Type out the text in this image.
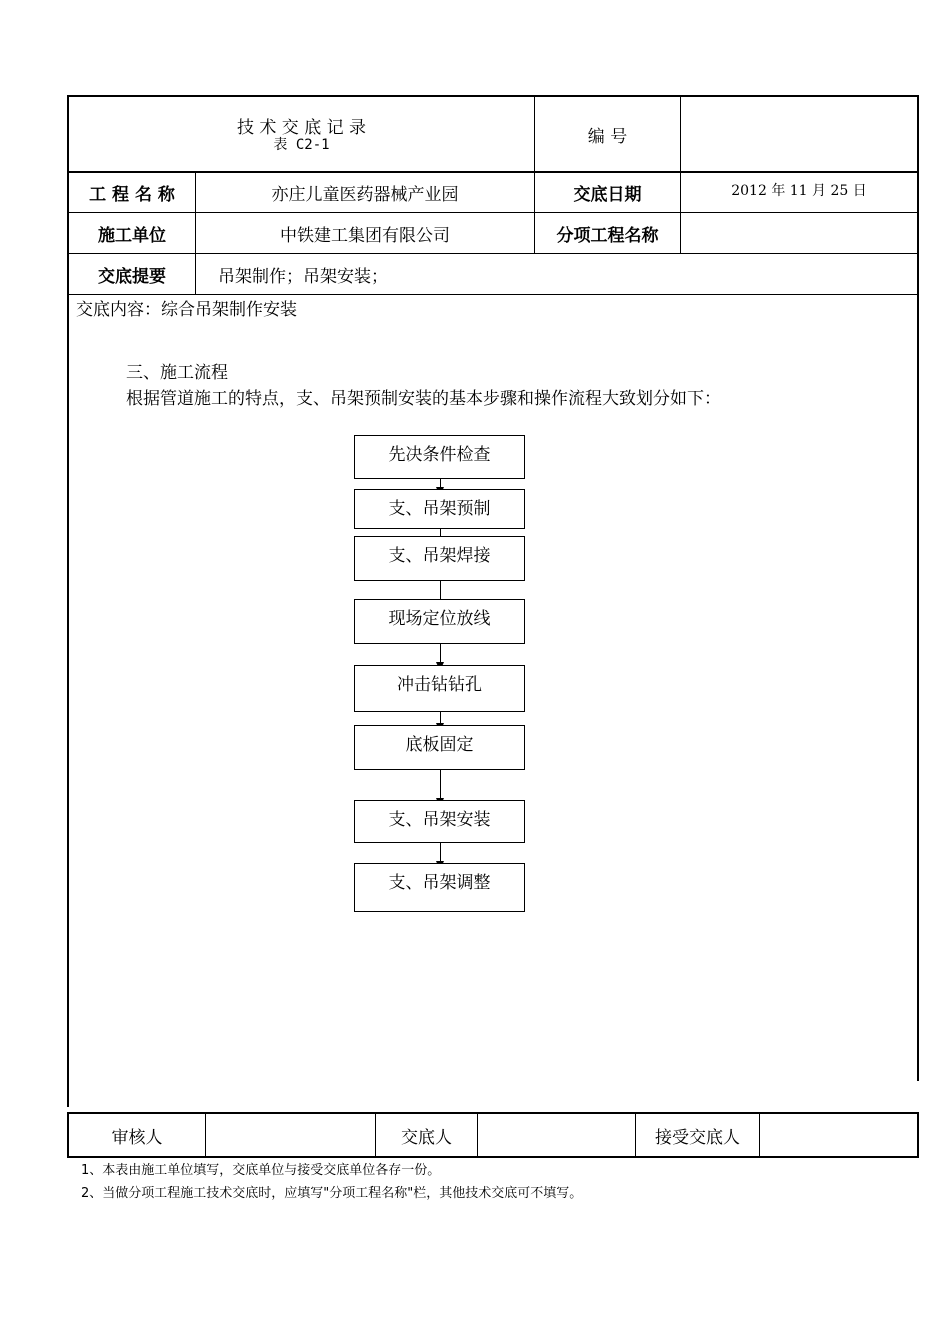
技 术 交 底 记 录
表 C2-1	编 号
工 程 名 称	亦庄儿童医药器械产业园	交底日期	2012 年 11 月 25 日
施工单位	中铁建工集团有限公司	分项工程名称
交底提要	吊架制作；吊架安装；
交底内容：综合吊架制作安装
三、施工流程
根据管道施工的特点，支、吊架预制安装的基本步骤和操作流程大致划分如下：
先决条件检查
支、吊架预制
支、吊架焊接
现场定位放线
冲击钻钻孔
底板固定
支、吊架安装
支、吊架调整
审核人	交底人	接受交底人
1、本表由施工单位填写，交底单位与接受交底单位各存一份。
2、当做分项工程施工技术交底时，应填写"分项工程名称"栏，其他技术交底可不填写。
